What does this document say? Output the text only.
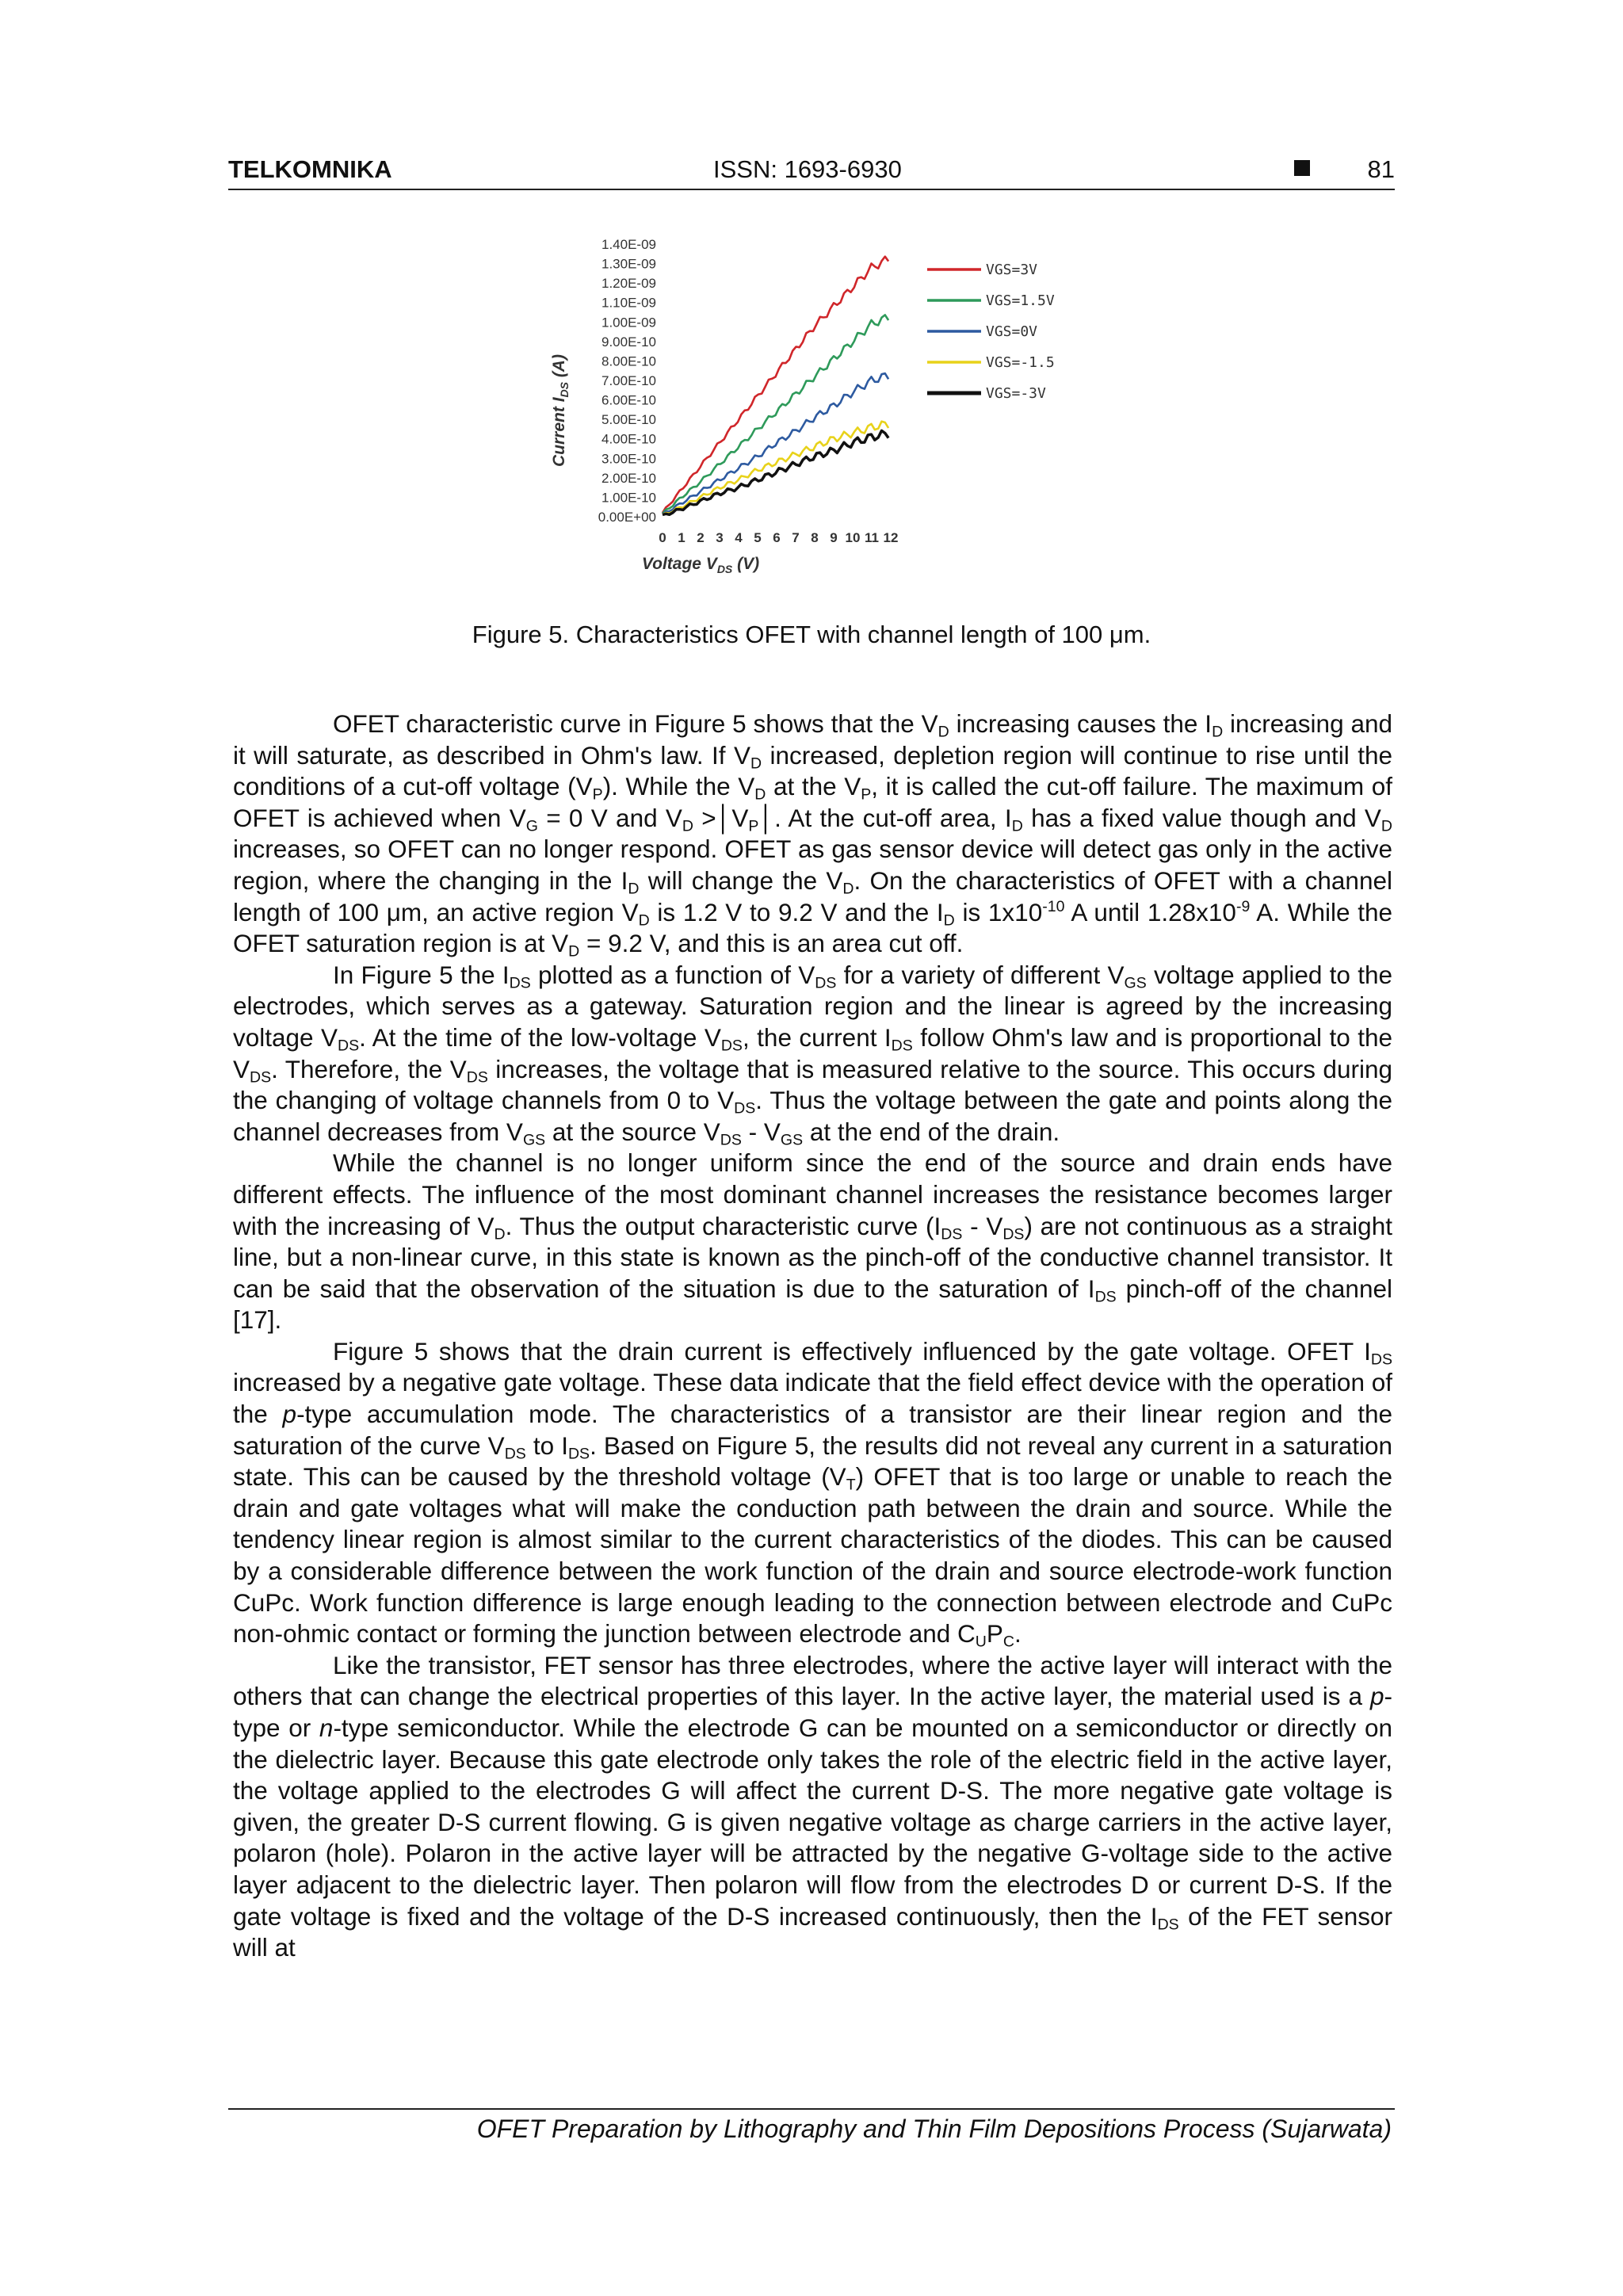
TELKOMNIKA	ISSN: 1693-6930	81
Current $I_{DS}$ (A)
Voltage $V_{DS}$ (V)
0.00E+00
1.00E-10
2.00E-10
3.00E-10
4.00E-10
5.00E-10
6.00E-10
7.00E-10
8.00E-10
9.00E-10
1.00E-09
1.10E-09
1.20E-09
1.30E-09
1.40E-09
0 1 2 3 4 5 6 7 8 9 10 11 12
VGS=3V
VGS=1.5V
VGS=0V
VGS=-1.5
VGS=-3V
Figure 5. Characteristics OFET with channel length of 100 μm.

OFET characteristic curve in Figure 5 shows that the $V_D$ increasing causes the $I_D$ increasing and it will saturate, as described in Ohm's law. If $V_D$ increased, depletion region will continue to rise until the conditions of a cut-off voltage $(V_P)$. While the $V_D$ at the $V_P$, it is called the cut-off failure. The maximum of OFET is achieved when $V_G = 0$ V and $V_D$ $>│V_P│$. At the cut-off area, $I_D$ has a fixed value though and $V_D$ increases, so OFET can no longer respond. OFET as gas sensor device will detect gas only in the active region, where the changing in the $I_D$ will change the $V_D$. On the characteristics of OFET with a channel length of 100 μm, an active region $V_D$ is 1.2 V to 9.2 V and the $I_D$ is $1x10^{-10}$ A until $1.28x10^{-9}$ A. While the OFET saturation region is at $V_D = 9.2$ V, and this is an area cut off.

In Figure 5 the $I_{DS}$ plotted as a function of $V_{DS}$ for a variety of different $V_{GS}$ voltage applied to the electrodes, which serves as a gateway. Saturation region and the linear is agreed by the increasing voltage $V_{DS}$. At the time of the low-voltage $V_{DS}$, the current $I_{DS}$ follow Ohm's law and is proportional to the $V_{DS}$. Therefore, the $V_{DS}$ increases, the voltage that is measured relative to the source. This occurs during the changing of voltage channels from 0 to $V_{DS}$. Thus the voltage between the gate and points along the channel decreases from $V_{GS}$ at the source $V_{DS} - V_{GS}$ at the end of the drain.

While the channel is no longer uniform since the end of the source and drain ends have different effects. The influence of the most dominant channel increases the resistance becomes larger with the increasing of $V_D$. Thus the output characteristic curve $(I_{DS} - V_{DS})$ are not continuous as a straight line, but a non-linear curve, in this state is known as the pinch-off of the conductive channel transistor. It can be said that the observation of the situation is due to the saturation of $I_{DS}$ pinch-off of the channel [17].

Figure 5 shows that the drain current is effectively influenced by the gate voltage. OFET $I_{DS}$ increased by a negative gate voltage. These data indicate that the field effect device with the operation of the p-type accumulation mode. The characteristics of a transistor are their linear region and the saturation of the curve $V_{DS}$ to $I_{DS}$. Based on Figure 5, the results did not reveal any current in a saturation state. This can be caused by the threshold voltage $(V_T)$ OFET that is too large or unable to reach the drain and gate voltages what will make the conduction path between the drain and source. While the tendency linear region is almost similar to the current characteristics of the diodes. This can be caused by a considerable difference between the work function of the drain and source electrode-work function CuPc. Work function difference is large enough leading to the connection between electrode and CuPc non-ohmic contact or forming the junction between electrode and $C_UP_C$.

Like the transistor, FET sensor has three electrodes, where the active layer will interact with the others that can change the electrical properties of this layer. In the active layer, the material used is a p-type or n-type semiconductor. While the electrode G can be mounted on a semiconductor or directly on the dielectric layer. Because this gate electrode only takes the role of the electric field in the active layer, the voltage applied to the electrodes G will affect the current D-S. The more negative gate voltage is given, the greater D-S current flowing. G is given negative voltage as charge carriers in the active layer, polaron (hole). Polaron in the active layer will be attracted by the negative G-voltage side to the active layer adjacent to the dielectric layer. Then polaron will flow from the electrodes D or current D-S. If the gate voltage is fixed and the voltage of the D-S increased continuously, then the $I_{DS}$ of the FET sensor will at

OFET Preparation by Lithography and Thin Film Depositions Process (Sujarwata)
